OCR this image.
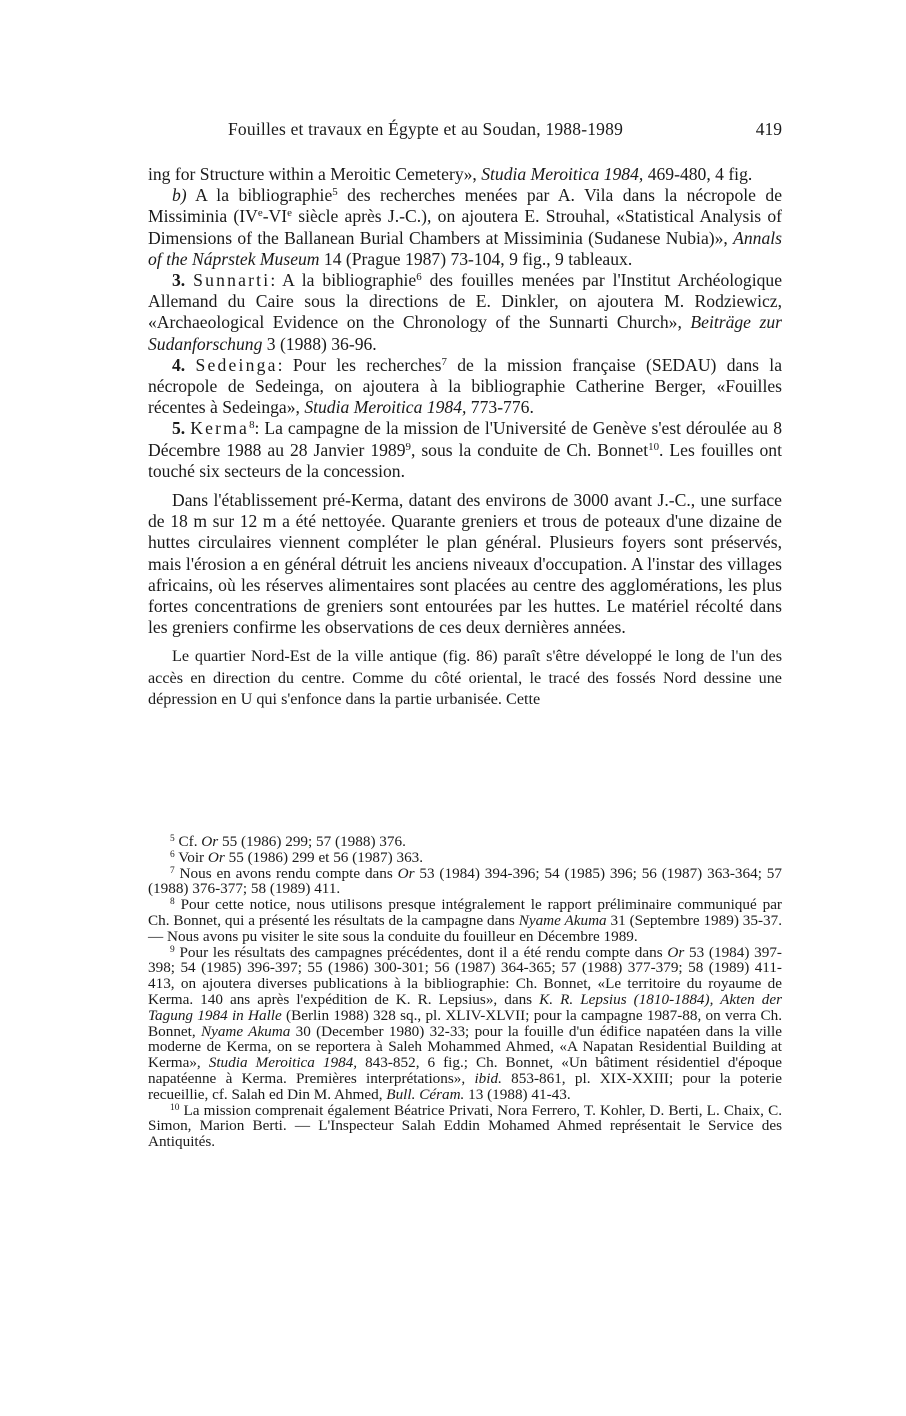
Fouilles et travaux en Égypte et au Soudan, 1988-1989	419

ing for Structure within a Meroitic Cemetery», Studia Meroitica 1984, 469-480, 4 fig.

b) A la bibliographie$^5$ des recherches menées par A. Vila dans la nécropole de Missiminia (IVe-VIe siècle après J.-C.), on ajoutera E. Strouhal, «Statistical Analysis of Dimensions of the Ballanean Burial Chambers at Missiminia (Sudanese Nubia)», Annals of the Náprstek Museum 14 (Prague 1987) 73-104, 9 fig., 9 tableaux.

3. Sunnarti: A la bibliographie$^6$ des fouilles menées par l'Institut Archéologique Allemand du Caire sous la directions de E. Dinkler, on ajoutera M. Rodziewicz, «Archaeological Evidence on the Chronology of the Sunnarti Church», Beiträge zur Sudanforschung 3 (1988) 36-96.

4. Sedeinga: Pour les recherches$^7$ de la mission française (SEDAU) dans la nécropole de Sedeinga, on ajoutera à la bibliographie Catherine Berger, «Fouilles récentes à Sedeinga», Studia Meroitica 1984, 773-776.

5. Kerma$^8$: La campagne de la mission de l'Université de Genève s'est déroulée au 8 Décembre 1988 au 28 Janvier 1989$^9$, sous la conduite de Ch. Bonnet$^{10}$. Les fouilles ont touché six secteurs de la concession.

Dans l'établissement pré-Kerma, datant des environs de 3000 avant J.-C., une surface de 18 m sur 12 m a été nettoyée. Quarante greniers et trous de poteaux d'une dizaine de huttes circulaires viennent compléter le plan général. Plusieurs foyers sont préservés, mais l'érosion a en général détruit les anciens niveaux d'occupation. A l'instar des villages africains, où les réserves alimentaires sont placées au centre des agglomérations, les plus fortes concentrations de greniers sont entourées par les huttes. Le matériel récolté dans les greniers confirme les observations de ces deux dernières années.

Le quartier Nord-Est de la ville antique (fig. 86) paraît s'être développé le long de l'un des accès en direction du centre. Comme du côté oriental, le tracé des fossés Nord dessine une dépression en U qui s'enfonce dans la partie urbanisée. Cette

$^5$ Cf. Or 55 (1986) 299; 57 (1988) 376.

$^6$ Voir Or 55 (1986) 299 et 56 (1987) 363.

$^7$ Nous en avons rendu compte dans Or 53 (1984) 394-396; 54 (1985) 396; 56 (1987) 363-364; 57 (1988) 376-377; 58 (1989) 411.

$^8$ Pour cette notice, nous utilisons presque intégralement le rapport préliminaire communiqué par Ch. Bonnet, qui a présenté les résultats de la campagne dans Nyame Akuma 31 (Septembre 1989) 35-37. — Nous avons pu visiter le site sous la conduite du fouilleur en Décembre 1989.

$^9$ Pour les résultats des campagnes précédentes, dont il a été rendu compte dans Or 53 (1984) 397-398; 54 (1985) 396-397; 55 (1986) 300-301; 56 (1987) 364-365; 57 (1988) 377-379; 58 (1989) 411-413, on ajoutera diverses publications à la bibliographie: Ch. Bonnet, «Le territoire du royaume de Kerma. 140 ans après l'expédition de K. R. Lepsius», dans K. R. Lepsius (1810-1884), Akten der Tagung 1984 in Halle (Berlin 1988) 328 sq., pl. XLIV-XLVII; pour la campagne 1987-88, on verra Ch. Bonnet, Nyame Akuma 30 (December 1980) 32-33; pour la fouille d'un édifice napatéen dans la ville moderne de Kerma, on se reportera à Saleh Mohammed Ahmed, «A Napatan Residential Building at Kerma», Studia Meroitica 1984, 843-852, 6 fig.; Ch. Bonnet, «Un bâtiment résidentiel d'époque napatéenne à Kerma. Premières interprétations», ibid. 853-861, pl. XIX-XXIII; pour la poterie recueillie, cf. Salah ed Din M. Ahmed, Bull. Céram. 13 (1988) 41-43.

$^{10}$ La mission comprenait également Béatrice Privati, Nora Ferrero, T. Kohler, D. Berti, L. Chaix, C. Simon, Marion Berti. — L'Inspecteur Salah Eddin Mohamed Ahmed représentait le Service des Antiquités.
